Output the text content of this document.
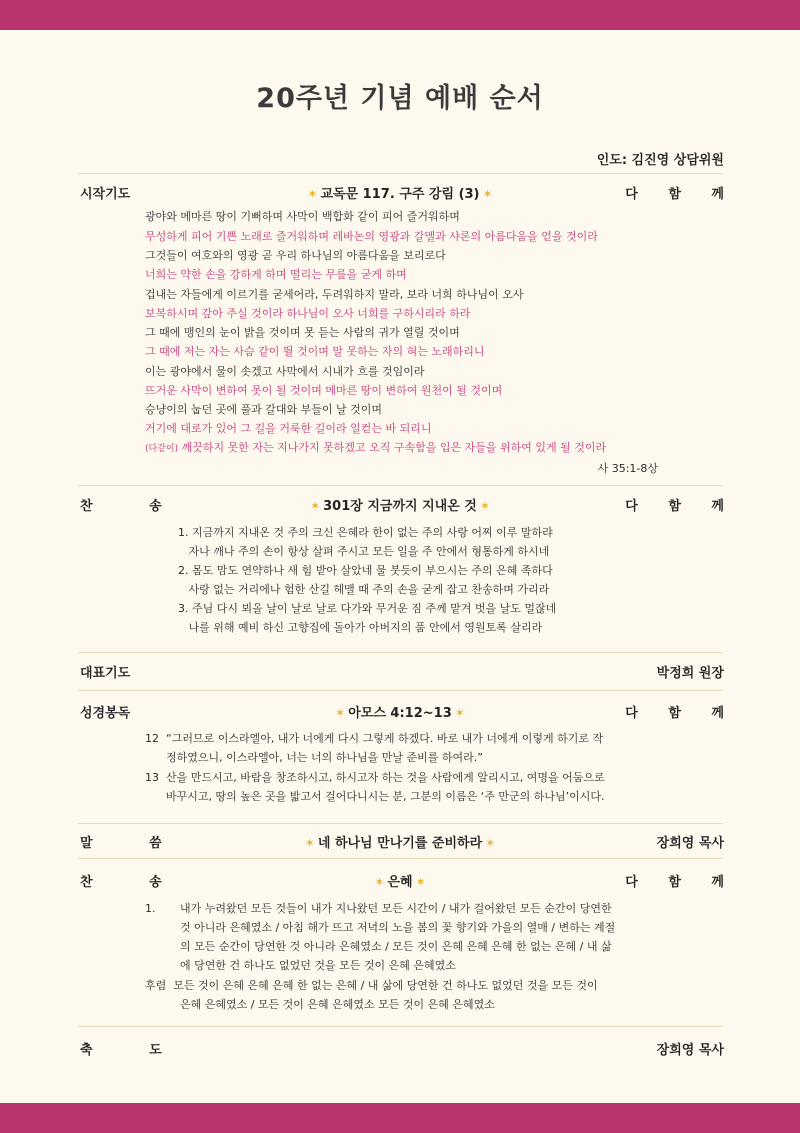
20주년 기념 예배 순서
인도: 김진영 상담위원
시작기도	✶ 교독문 117. 구주 강림 (3) ✶	다 함 께
광야와 메마른 땅이 기뻐하며 사막이 백합화 같이 피어 즐거워하며
무성하게 피어 기쁜 노래로 즐거워하며 레바논의 영광과 갈멜과 샤론의 아름다움을 얻을 것이라
그것들이 여호와의 영광 곧 우리 하나님의 아름다움을 보리로다
너희는 약한 손을 강하게 하며 떨리는 무릎을 굳게 하며
겁내는 자들에게 이르기를 굳세어라, 두려워하지 말라, 보라 너희 하나님이 오사
보복하시며 갚아 주실 것이라 하나님이 오사 너희를 구하시리라 하라
그 때에 맹인의 눈이 밝을 것이며 못 듣는 사람의 귀가 열릴 것이며
그 때에 저는 자는 사슴 같이 뛸 것이며 말 못하는 자의 혀는 노래하리니
이는 광야에서 물이 솟겠고 사막에서 시내가 흐를 것임이라
뜨거운 사막이 변하여 못이 될 것이며 메마른 땅이 변하여 원천이 될 것이며
승냥이의 눕던 곳에 풀과 갈대와 부들이 날 것이며
거기에 대로가 있어 그 길을 거룩한 길이라 일컫는 바 되리니
(다같이) 깨끗하지 못한 자는 지나가지 못하겠고 오직 구속함을 입은 자들을 위하여 있게 될 것이라
사 35:1-8상
찬 송	✶ 301장 지금까지 지내온 것 ✶	다 함 께
1. 지금까지 지내온 것 주의 크신 은혜라 한이 없는 주의 사랑 어찌 이루 말하랴
자나 깨나 주의 손이 항상 살펴 주시고 모든 일을 주 안에서 형통하게 하시네
2. 몸도 맘도 연약하나 새 힘 받아 살았네 물 붓듯이 부으시는 주의 은혜 족하다
사랑 없는 거리에나 험한 산길 헤맬 때 주의 손을 굳게 잡고 찬송하며 가리라
3. 주님 다시 뵈올 날이 날로 날로 다가와 무거운 짐 주께 맡겨 벗을 날도 멀잖네
나를 위해 예비 하신 고향집에 돌아가 아버지의 품 안에서 영원토록 살리라
대표기도	박정희 원장
성경봉독	✶ 아모스 4:12~13 ✶	다 함 께
12  “그러므로 이스라엘아, 내가 너에게 다시 그렇게 하겠다. 바로 내가 너에게 이렇게 하기로 작
정하였으니, 이스라엘아, 너는 너의 하나님을 만날 준비를 하여라.”
13  산을 만드시고, 바람을 창조하시고, 하시고자 하는 것을 사람에게 알리시고, 여명을 어둠으로
바꾸시고, 땅의 높은 곳을 밟고서 걸어다니시는 분, 그분의 이름은 ‘주 만군의 하나님’이시다.
말 씀	✶ 네 하나님 만나기를 준비하라 ✶	장희영 목사
찬 송	✶ 은혜 ✶	다 함 께
1.       내가 누려왔던 모든 것들이 내가 지나왔던 모든 시간이 / 내가 걸어왔던 모든 순간이 당연한
것 아니라 은혜였소 / 아침 해가 뜨고 저녁의 노을 봄의 꽃 향기와 가을의 열매 / 변하는 계절
의 모든 순간이 당연한 것 아니라 은혜였소 / 모든 것이 은혜 은혜 은혜 한 없는 은혜 / 내 삶
에 당연한 건 하나도 없었던 것을 모든 것이 은혜 은혜였소
후렴  모든 것이 은혜 은혜 은혜 한 없는 은혜 / 내 삶에 당연한 건 하나도 없었던 것을 모든 것이
은혜 은혜였소 / 모든 것이 은혜 은혜였소 모든 것이 은혜 은혜였소
축 도	장희영 목사
